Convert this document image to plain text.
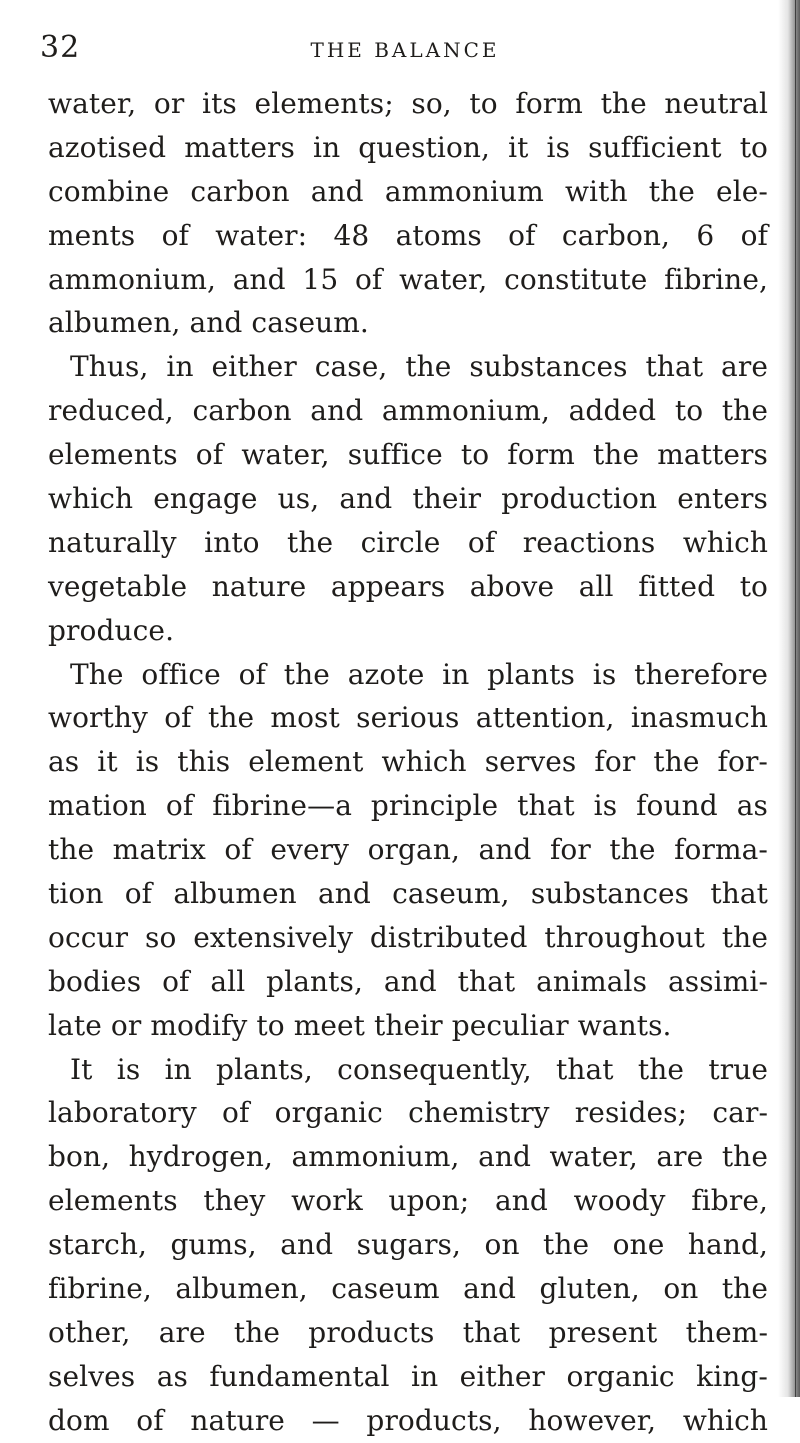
32	THE BALANCE
water, or its elements; so, to form the neutral
azotised matters in question, it is sufficient to
combine carbon and ammonium with the ele-
ments of water: 48 atoms of carbon, 6 of
ammonium, and 15 of water, constitute fibrine,
albumen, and caseum.
Thus, in either case, the substances that are
reduced, carbon and ammonium, added to the
elements of water, suffice to form the matters
which engage us, and their production enters
naturally into the circle of reactions which
vegetable nature appears above all fitted to
produce.
The office of the azote in plants is therefore
worthy of the most serious attention, inasmuch
as it is this element which serves for the for-
mation of fibrine—a principle that is found as
the matrix of every organ, and for the forma-
tion of albumen and caseum, substances that
occur so extensively distributed throughout the
bodies of all plants, and that animals assimi-
late or modify to meet their peculiar wants.
It is in plants, consequently, that the true
laboratory of organic chemistry resides; car-
bon, hydrogen, ammonium, and water, are the
elements they work upon; and woody fibre,
starch, gums, and sugars, on the one hand,
fibrine, albumen, caseum and gluten, on the
other, are the products that present them-
selves as fundamental in either organic king-
dom of nature — products, however, which
